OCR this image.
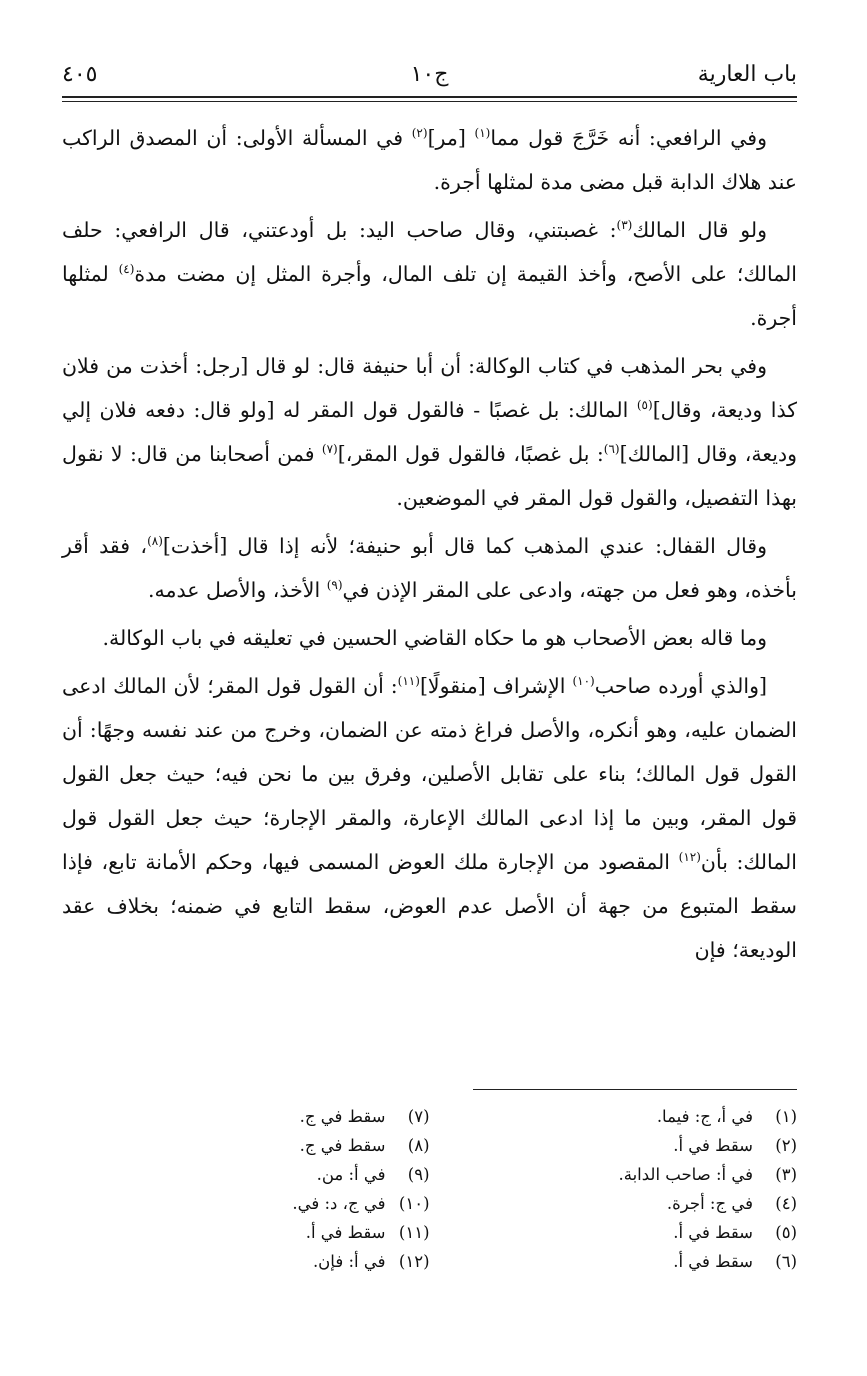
باب العارية
ج١٠
٤٠٥

وفي الرافعي: أنه خَرَّجَ قول مما$^{(١)}$ [مر]$^{(٢)}$ في المسألة الأولى: أن المصدق الراكب عند هلاك الدابة قبل مضى مدة لمثلها أجرة.

ولو قال المالك$^{(٣)}$: غصبتني، وقال صاحب اليد: بل أودعتني، قال الرافعي: حلف المالك؛ على الأصح، وأخذ القيمة إن تلف المال، وأجرة المثل إن مضت مدة$^{(٤)}$ لمثلها أجرة.

وفي بحر المذهب في كتاب الوكالة: أن أبا حنيفة قال: لو قال [رجل: أخذت من فلان كذا وديعة، وقال]$^{(٥)}$ المالك: بل غصبًا - فالقول قول المقر له [ولو قال: دفعه فلان إلي وديعة، وقال [المالك]$^{(٦)}$: بل غصبًا، فالقول قول المقر،]$^{(٧)}$ فمن أصحابنا من قال: لا نقول بهذا التفصيل، والقول قول المقر في الموضعين.

وقال القفال: عندي المذهب كما قال أبو حنيفة؛ لأنه إذا قال [أخذت]$^{(٨)}$، فقد أقر بأخذه، وهو فعل من جهته، وادعى على المقر الإذن في$^{(٩)}$ الأخذ، والأصل عدمه.

وما قاله بعض الأصحاب هو ما حكاه القاضي الحسين في تعليقه في باب الوكالة.

[والذي أورده صاحب$^{(١٠)}$ الإشراف [منقولًا]$^{(١١)}$: أن القول قول المقر؛ لأن المالك ادعى الضمان عليه، وهو أنكره، والأصل فراغ ذمته عن الضمان، وخرج من عند نفسه وجهًا: أن القول قول المالك؛ بناء على تقابل الأصلين، وفرق بين ما نحن فيه؛ حيث جعل القول قول المقر، وبين ما إذا ادعى المالك الإعارة، والمقر الإجارة؛ حيث جعل القول قول المالك: بأن$^{(١٢)}$ المقصود من الإجارة ملك العوض المسمى فيها، وحكم الأمانة تابع، فإذا سقط المتبوع من جهة أن الأصل عدم العوض، سقط التابع في ضمنه؛ بخلاف عقد الوديعة؛ فإن

(١)في أ، ج: فيما.
(٢)سقط في أ.
(٣)في أ: صاحب الدابة.
(٤)في ج: أجرة.
(٥)سقط في أ.
(٦)سقط في أ.
(٧)سقط في ج.
(٨)سقط في ج.
(٩)في أ: من.
(١٠)في ج، د: في.
(١١)سقط في أ.
(١٢)في أ: فإن.
